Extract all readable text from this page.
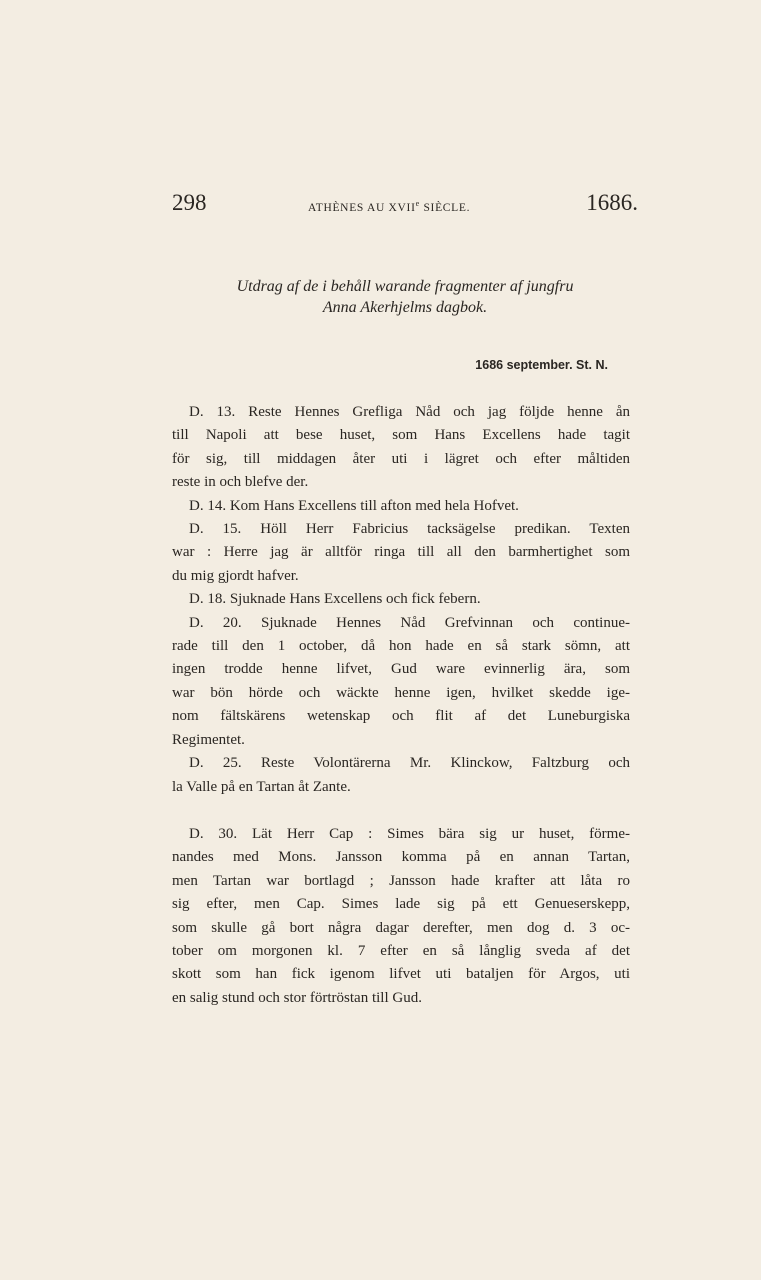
298	ATHÈNES AU XVIIe SIÈCLE.	1686.
Utdrag af de i behåll warande fragmenter af jungfru
Anna Akerhjelms dagbok.
1686 september. St. N.
D. 13. Reste Hennes Grefliga Nåd och jag följde henne ån
till Napoli att bese huset, som Hans Excellens hade tagit
för sig, till middagen åter uti i lägret och efter måltiden
reste in och blefve der.
D. 14. Kom Hans Excellens till afton med hela Hofvet.
D. 15. Höll Herr Fabricius tacksägelse predikan. Texten
war : Herre jag är alltför ringa till all den barmhertighet som
du mig gjordt hafver.
D. 18. Sjuknade Hans Excellens och fick febern.
D. 20. Sjuknade Hennes Nåd Grefvinnan och continue-
rade till den 1 october, då hon hade en så stark sömn, att
ingen trodde henne lifvet, Gud ware evinnerlig ära, som
war bön hörde och wäckte henne igen, hvilket skedde ige-
nom fältskärens wetenskap och flit af det Luneburgiska
Regimentet.
D. 25. Reste Volontärerna Mr. Klinckow, Faltzburg och
la Valle på en Tartan åt Zante.
D. 30. Lät Herr Cap : Simes bära sig ur huset, förme-
nandes med Mons. Jansson komma på en annan Tartan,
men Tartan war bortlagd ; Jansson hade krafter att låta ro
sig efter, men Cap. Simes lade sig på ett Genueserskepp,
som skulle gå bort några dagar derefter, men dog d. 3 oc-
tober om morgonen kl. 7 efter en så långlig sveda af det
skott som han fick igenom lifvet uti bataljen för Argos, uti
en salig stund och stor förtröstan till Gud.
